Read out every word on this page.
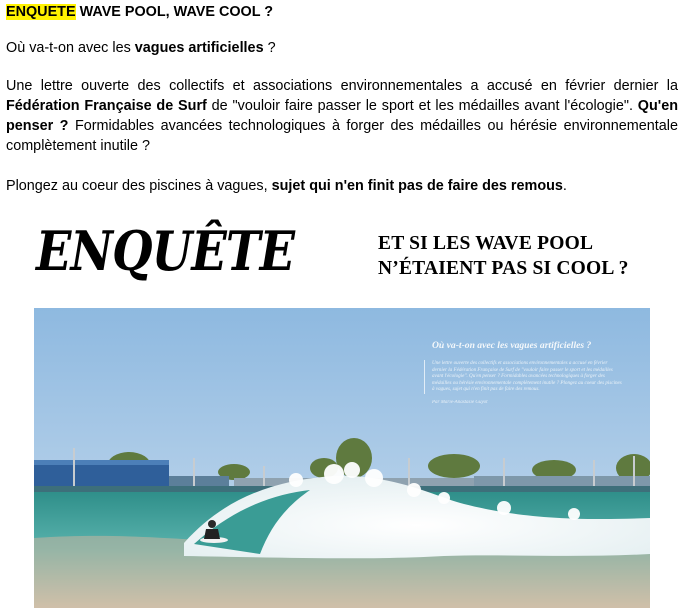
ENQUETE WAVE POOL, WAVE COOL ?

Où va-t-on avec les vagues artificielles ?

Une lettre ouverte des collectifs et associations environnementales a accusé en février dernier la Fédération Française de Surf de "vouloir faire passer le sport et les médailles avant l'écologie". Qu'en penser ? Formidables avancées technologiques à forger des médailles ou hérésie environnementale complètement inutile ?

Plongez au coeur des piscines à vagues, sujet qui n'en finit pas de faire des remous.

ENQUÊTE	ET SI LES WAVE POOL
N’ÉTAIENT PAS SI COOL ?
Où va-t-on avec les vagues artificielles ?
Une lettre ouverte des collectifs et associations environnementales a accusé en février dernier la Fédération Française de Surf de "vouloir faire passer le sport et les médailles avant l'écologie". Qu'en penser ? Formidables avancées technologiques à forger des médailles ou hérésie environnementale complètement inutile ? Plongez au coeur des piscines à vagues, sujet qui n'en finit pas de faire des remous.
Par Marie-Anastasie Guyot
